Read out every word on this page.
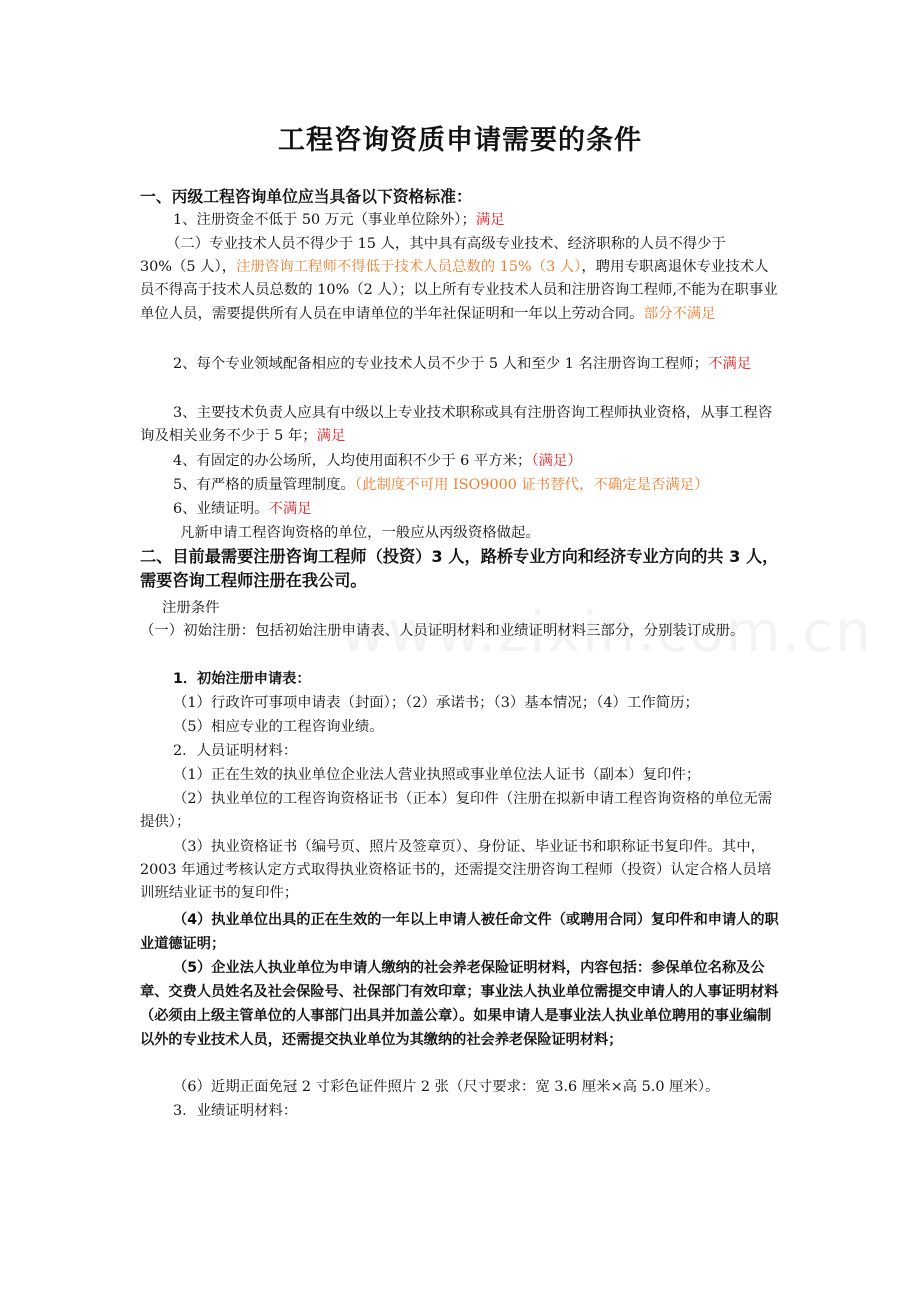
工程咨询资质申请需要的条件
一、丙级工程咨询单位应当具备以下资格标准：
1、注册资金不低于 50 万元（事业单位除外）；满足
（二）专业技术人员不得少于 15 人，其中具有高级专业技术、经济职称的人员不得少于 30%（5 人），注册咨询工程师不得低于技术人员总数的 15%（3 人），聘用专职离退休专业技术人员不得高于技术人员总数的 10%（2 人）；以上所有专业技术人员和注册咨询工程师,不能为在职事业单位人员，需要提供所有人员在申请单位的半年社保证明和一年以上劳动合同。部分不满足
2、每个专业领域配备相应的专业技术人员不少于 5 人和至少 1 名注册咨询工程师；不满足
3、主要技术负责人应具有中级以上专业技术职称或具有注册咨询工程师执业资格，从事工程咨询及相关业务不少于 5 年；满足
4、有固定的办公场所，人均使用面积不少于 6 平方米；（满足）
5、有严格的质量管理制度。（此制度不可用 ISO9000 证书替代，不确定是否满足）
6、业绩证明。不满足
凡新申请工程咨询资格的单位，一般应从丙级资格做起。
二、目前最需要注册咨询工程师（投资）3 人，路桥专业方向和经济专业方向的共 3 人，需要咨询工程师注册在我公司。
注册条件
（一）初始注册：包括初始注册申请表、人员证明材料和业绩证明材料三部分，分别装订成册。
1．初始注册申请表：
（1）行政许可事项申请表（封面）；（2）承诺书；（3）基本情况；（4）工作简历；
（5）相应专业的工程咨询业绩。
2．人员证明材料：
（1）正在生效的执业单位企业法人营业执照或事业单位法人证书（副本）复印件；
（2）执业单位的工程咨询资格证书（正本）复印件（注册在拟新申请工程咨询资格的单位无需提供）；
（3）执业资格证书（编号页、照片及签章页）、身份证、毕业证书和职称证书复印件。其中，2003 年通过考核认定方式取得执业资格证书的，还需提交注册咨询工程师（投资）认定合格人员培训班结业证书的复印件；
（4）执业单位出具的正在生效的一年以上申请人被任命文件（或聘用合同）复印件和申请人的职业道德证明；
（5）企业法人执业单位为申请人缴纳的社会养老保险证明材料，内容包括：参保单位名称及公章、交费人员姓名及社会保险号、社保部门有效印章；事业法人执业单位需提交申请人的人事证明材料（必须由上级主管单位的人事部门出具并加盖公章）。如果申请人是事业法人执业单位聘用的事业编制以外的专业技术人员，还需提交执业单位为其缴纳的社会养老保险证明材料；
（6）近期正面免冠 2 寸彩色证件照片 2 张（尺寸要求：宽 3.6 厘米×高 5.0 厘米）。
3．业绩证明材料：
